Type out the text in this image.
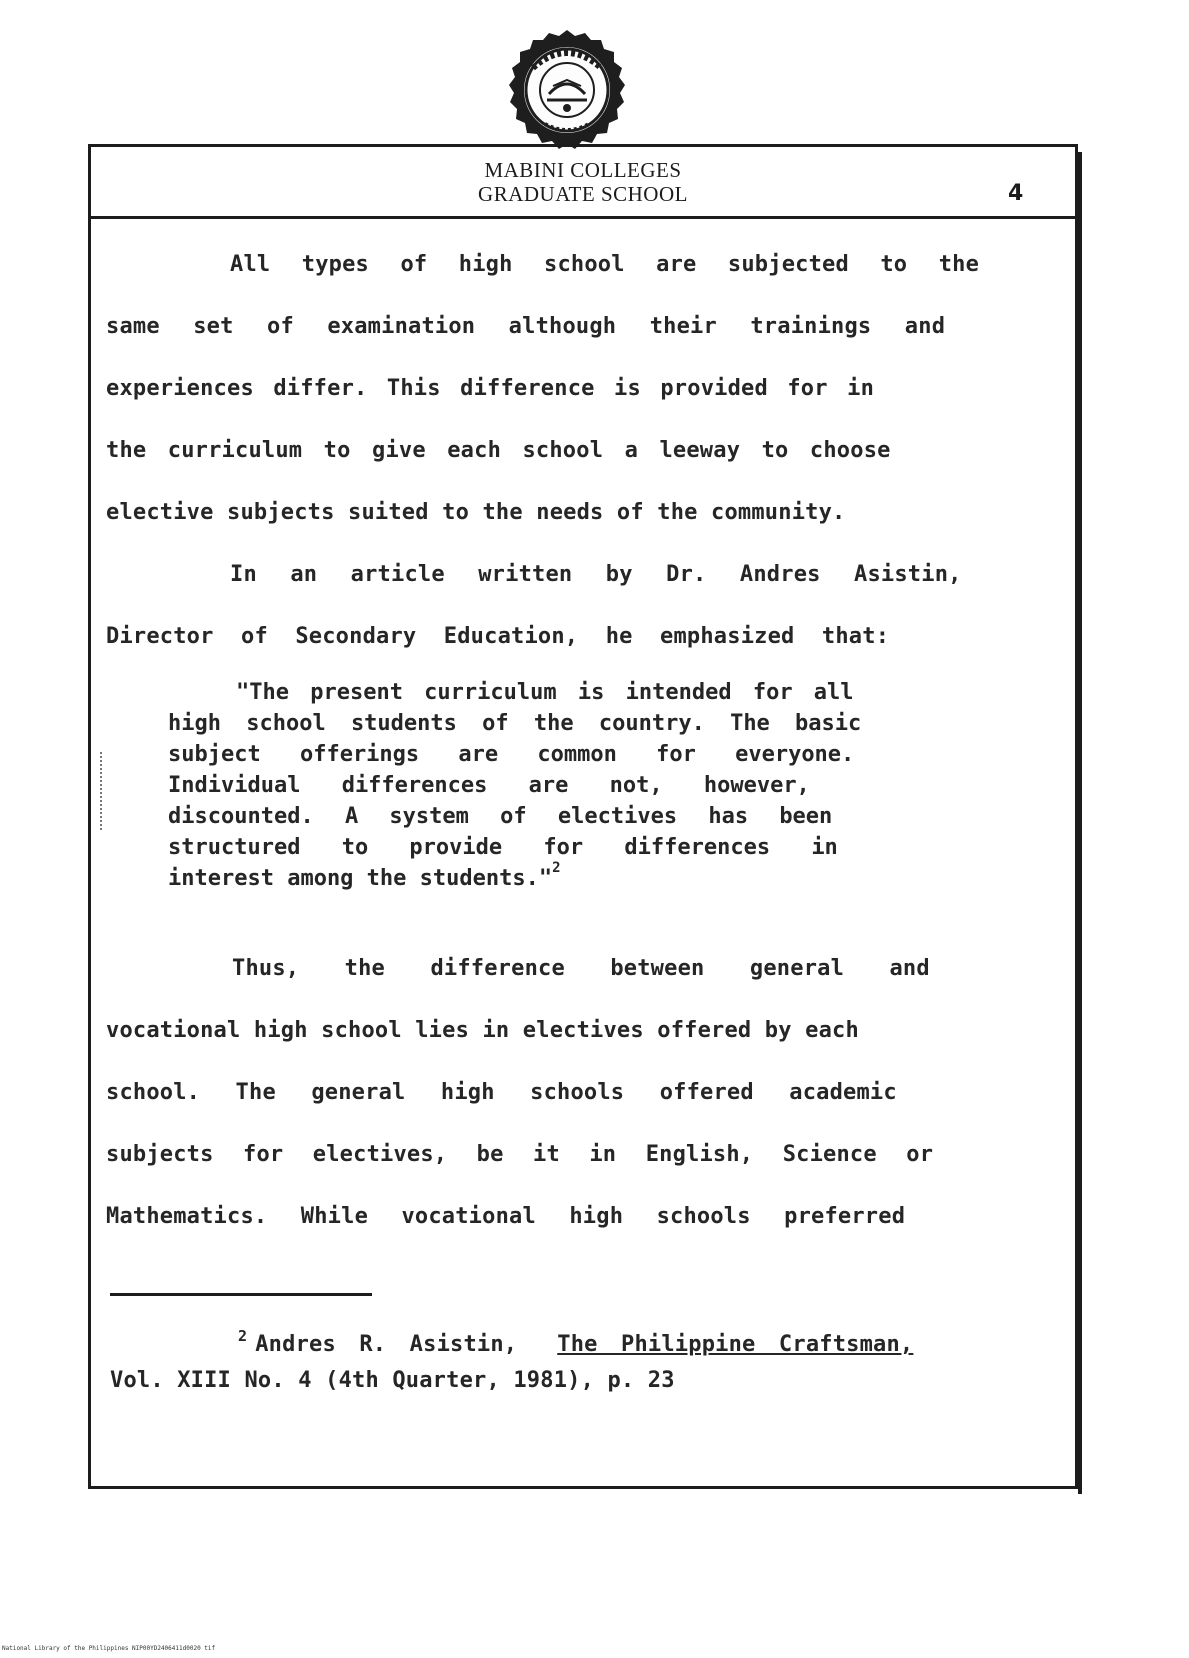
MABINI COLLEGES
GRADUATE SCHOOL	4
All types of high school are subjected to the
same set of examination although their trainings and
experiences differ. This difference is provided for in
the curriculum to give each school a leeway to choose
elective subjects suited to the needs of the community.
In an article written by Dr. Andres Asistin,
Director of Secondary Education, he emphasized that:
"The present curriculum is intended for all
high school students of the country. The basic
subject offerings are common for everyone.
Individual differences are not, however,
discounted. A system of electives has been
structured to provide for differences in
interest among the students."$^2$
Thus, the difference between general and
vocational high school lies in electives offered by each
school. The general high schools offered academic
subjects for electives, be it in English, Science or
Mathematics. While vocational high schools preferred
$^2$ Andres R. Asistin, The Philippine Craftsman,
Vol. XIII No. 4 (4th Quarter, 1981), p. 23
National Library of the Philippines NIP00YD2406411d0020 tif
